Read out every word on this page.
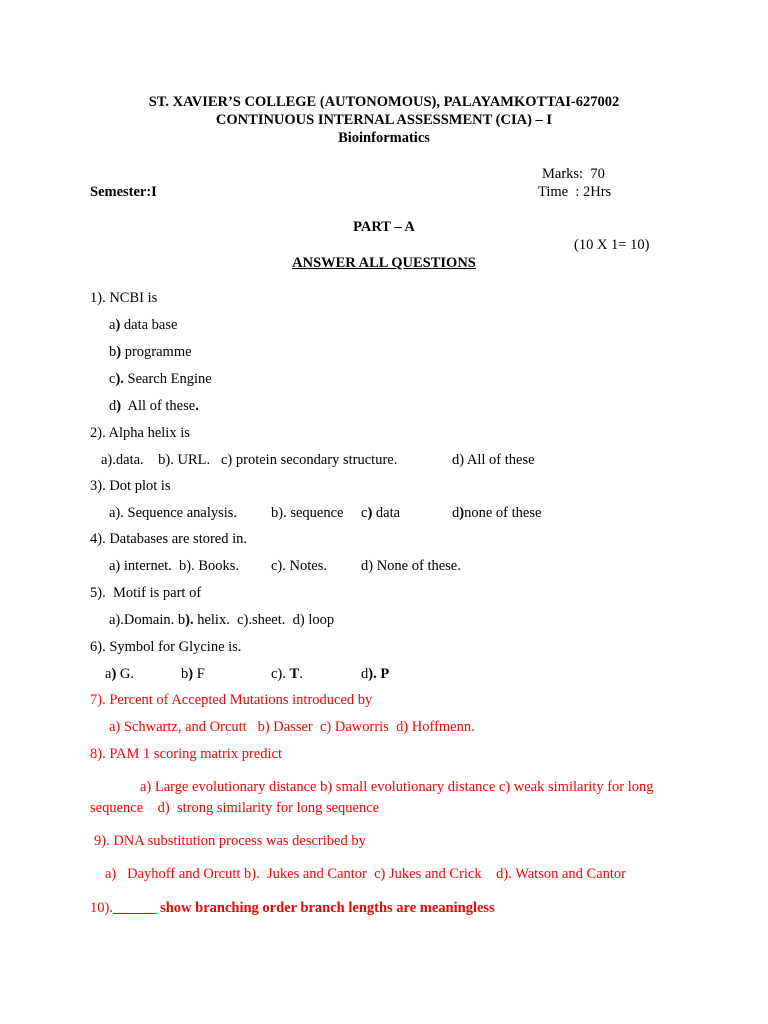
ST. XAVIER’S COLLEGE (AUTONOMOUS), PALAYAMKOTTAI-627002
CONTINUOUS INTERNAL ASSESSMENT (CIA) – I
Bioinformatics
Marks:  70
Semester:I	Time  : 2Hrs
PART – A
(10 X 1= 10)
ANSWER ALL QUESTIONS
1). NCBI is
a) data base
b) programme
c). Search Engine
d)  All of these.
2). Alpha helix is
a).data.    b). URL.   c) protein secondary structure.	d) All of these
3). Dot plot is
a). Sequence analysis. b). sequence c) data	d)none of these
4). Databases are stored in.
a) internet.  b). Books. c). Notes. d) None of these.
5).  Motif is part of
a).Domain. b). helix.  c).sheet.  d) loop
6). Symbol for Glycine is.
a) G.	b) F	c). T.	d). P
7). Percent of Accepted Mutations introduced by
a) Schwartz, and Orcutt   b) Dasser  c) Daworris  d) Hoffmenn.
8). PAM 1 scoring matrix predict
a) Large evolutionary distance b) small evolutionary distance c) weak similarity for long
sequence    d)  strong similarity for long sequence
9). DNA substitution process was described by
a)   Dayhoff and Orcutt b).  Jukes and Cantor  c) Jukes and Crick    d). Watson and Cantor
10).______ show branching order branch lengths are meaningless
